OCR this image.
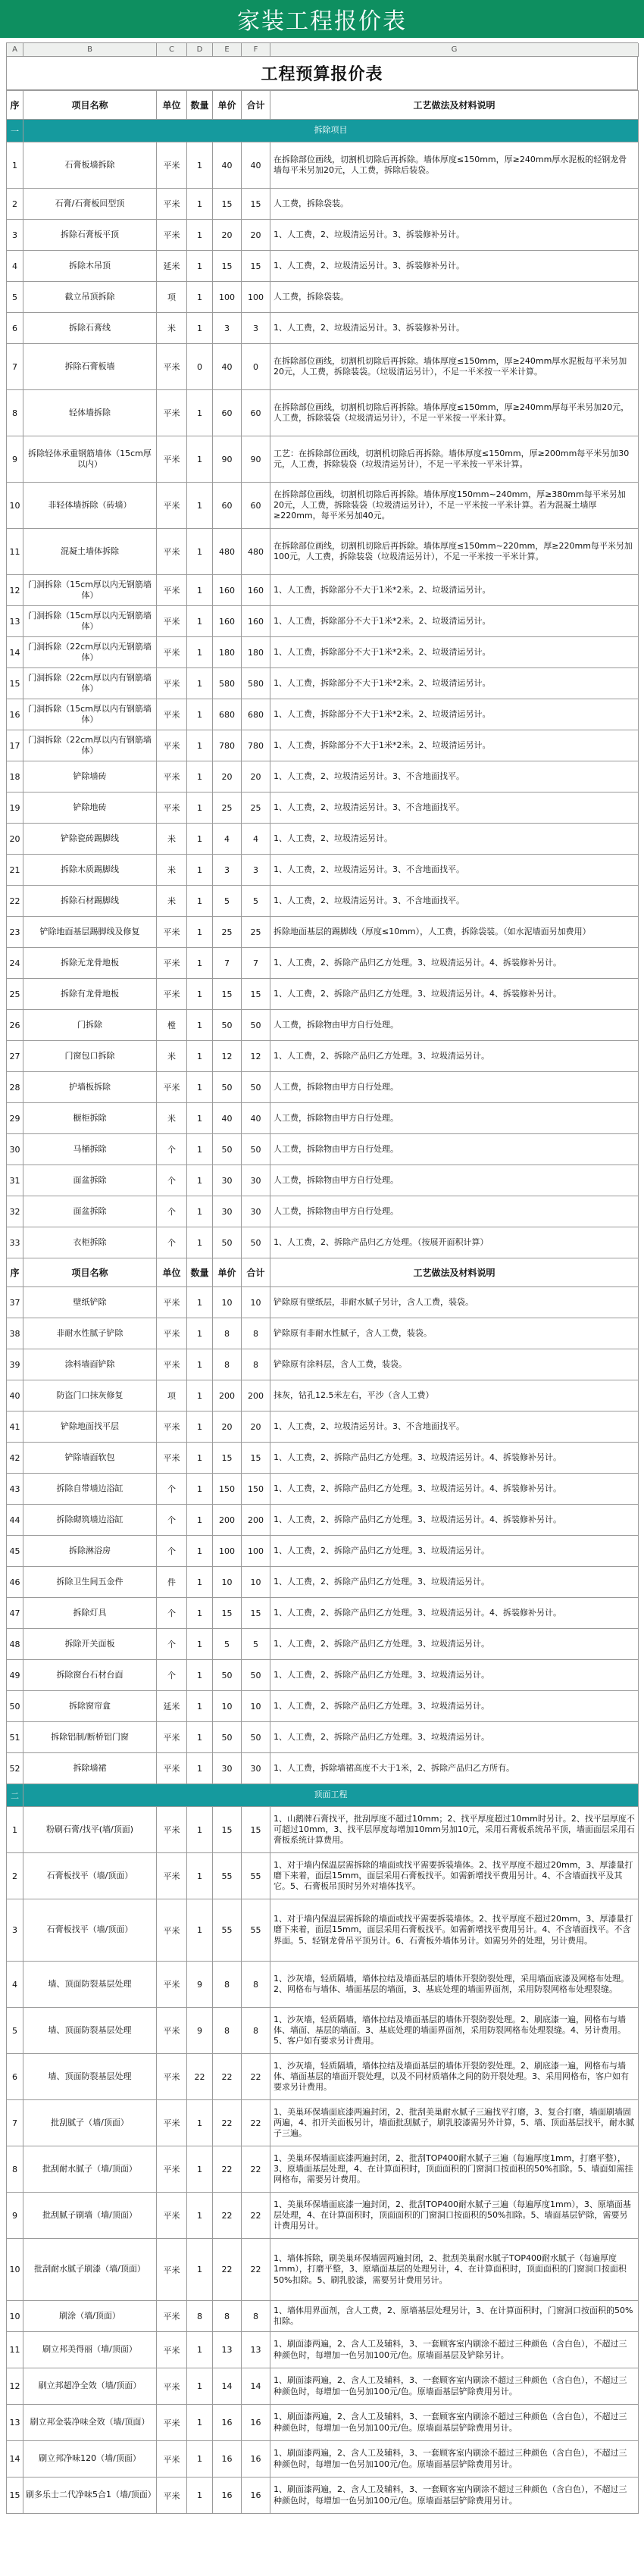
家装工程报价表
A	B	C	D	E	F	G
工程预算报价表
序	项目名称	单位	数量	单价	合计	工艺做法及材料说明
一	拆除项目					
1	石膏板墙拆除	平米	1	40	40	在拆除部位画线，切割机切除后再拆除。墙体厚度≤150mm，厚≥240mm厚水泥板的轻钢龙骨墙每平米另加20元，人工费，拆除后装袋。
2	石膏/石膏板回型顶	平米	1	15	15	人工费，拆除袋装。
3	拆除石膏板平顶	平米	1	20	20	1、人工费，2、垃圾清运另计。3、拆装修补另计。
4	拆除木吊顶	延米	1	15	15	1、人工费，2、垃圾清运另计。3、拆装修补另计。
5	截立吊顶拆除	项	1	100	100	人工费，拆除袋装。
6	拆除石膏线	米	1	3	3	1、人工费，2、垃圾清运另计。3、拆装修补另计。
7	拆除石膏板墙	平米	0	40	0	在拆除部位画线，切割机切除后再拆除。墙体厚度≤150mm，厚≥240mm厚水泥板每平米另加20元，人工费，拆除装袋。（垃圾清运另计），不足一平米按一平米计算。
8	轻体墙拆除	平米	1	60	60	在拆除部位画线，切割机切除后再拆除。墙体厚度≤150mm，厚≥240mm厚每平米另加20元，人工费，拆除装袋（垃圾清运另计），不足一平米按一平米计算。
9	拆除轻体承重钢筋墙体（15cm厚以内）	平米	1	90	90	工艺：在拆除部位画线，切割机切除后再拆除。墙体厚度≤150mm，厚≥200mm每平米另加30元，人工费，拆除装袋（垃圾清运另计），不足一平米按一平米计算。
10	非轻体墙拆除（砖墙）	平米	1	60	60	在拆除部位画线，切割机切除后再拆除。墙体厚度150mm~240mm，厚≥380mm每平米另加20元，人工费，拆除装袋（垃圾清运另计），不足一平米按一平米计算。若为混凝土墙厚≥220mm，每平米另加40元。
11	混凝土墙体拆除	平米	1	480	480	在拆除部位画线，切割机切除后再拆除。墙体厚度≤150mm~220mm，厚≥220mm每平米另加100元，人工费，拆除装袋（垃圾清运另计），不足一平米按一平米计算。
12	门洞拆除（15cm厚以内无钢筋墙体）	平米	1	160	160	1、人工费，拆除部分不大于1米*2米。2、垃圾清运另计。
13	门洞拆除（15cm厚以内无钢筋墙体）	平米	1	160	160	1、人工费，拆除部分不大于1米*2米。2、垃圾清运另计。
14	门洞拆除（22cm厚以内无钢筋墙体）	平米	1	180	180	1、人工费，拆除部分不大于1米*2米。2、垃圾清运另计。
15	门洞拆除（22cm厚以内有钢筋墙体）	平米	1	580	580	1、人工费，拆除部分不大于1米*2米。2、垃圾清运另计。
16	门洞拆除（15cm厚以内有钢筋墙体）	平米	1	680	680	1、人工费，拆除部分不大于1米*2米。2、垃圾清运另计。
17	门洞拆除（22cm厚以内有钢筋墙体）	平米	1	780	780	1、人工费，拆除部分不大于1米*2米。2、垃圾清运另计。
18	铲除墙砖	平米	1	20	20	1、人工费，2、垃圾清运另计。3、不含地面找平。
19	铲除地砖	平米	1	25	25	1、人工费，2、垃圾清运另计。3、不含地面找平。
20	铲除瓷砖踢脚线	米	1	4	4	1、人工费，2、垃圾清运另计。
21	拆除木质踢脚线	米	1	3	3	1、人工费，2、垃圾清运另计。3、不含地面找平。
22	拆除石材踢脚线	米	1	5	5	1、人工费，2、垃圾清运另计。3、不含地面找平。
23	铲除地面基层踢脚线及修复	平米	1	25	25	拆除地面基层的踢脚线（厚度≤10mm），人工费，拆除袋装。（如水泥墙面另加费用）
24	拆除无龙骨地板	平米	1	7	7	1、人工费，2、拆除产品归乙方处理。3、垃圾清运另计。4、拆装修补另计。
25	拆除有龙骨地板	平米	1	15	15	1、人工费，2、拆除产品归乙方处理。3、垃圾清运另计。4、拆装修补另计。
26	门拆除	樘	1	50	50	人工费，拆除物由甲方自行处理。
27	门窗包口拆除	米	1	12	12	1、人工费，2、拆除产品归乙方处理。3、垃圾清运另计。
28	护墙板拆除	平米	1	50	50	人工费，拆除物由甲方自行处理。
29	橱柜拆除	米	1	40	40	人工费，拆除物由甲方自行处理。
30	马桶拆除	个	1	50	50	人工费，拆除物由甲方自行处理。
31	面盆拆除	个	1	30	30	人工费，拆除物由甲方自行处理。
32	面盆拆除	个	1	30	30	人工费，拆除物由甲方自行处理。
33	衣柜拆除	个	1	50	50	1、人工费，2、拆除产品归乙方处理。（按展开面积计算）
序	项目名称	单位	数量	单价	合计	工艺做法及材料说明
37	壁纸铲除	平米	1	10	10	铲除原有壁纸层，非耐水腻子另计，含人工费，装袋。
38	非耐水性腻子铲除	平米	1	8	8	铲除原有非耐水性腻子，含人工费，装袋。
39	涂料墙面铲除	平米	1	8	8	铲除原有涂料层，含人工费，装袋。
40	防盗门口抹灰修复	项	1	200	200	抹灰，钻孔12.5米左右，平沙（含人工费）
41	铲除地面找平层	平米	1	20	20	1、人工费，2、垃圾清运另计。3、不含地面找平。
42	铲除墙面软包	平米	1	15	15	1、人工费，2、拆除产品归乙方处理。3、垃圾清运另计。4、拆装修补另计。
43	拆除自带墙边浴缸	个	1	150	150	1、人工费，2、拆除产品归乙方处理。3、垃圾清运另计。4、拆装修补另计。
44	拆除砌筑墙边浴缸	个	1	200	200	1、人工费，2、拆除产品归乙方处理。3、垃圾清运另计。4、拆装修补另计。
45	拆除淋浴房	个	1	100	100	1、人工费，2、拆除产品归乙方处理。3、垃圾清运另计。
46	拆除卫生间五金件	件	1	10	10	1、人工费，2、拆除产品归乙方处理。3、垃圾清运另计。
47	拆除灯具	个	1	15	15	1、人工费，2、拆除产品归乙方处理。3、垃圾清运另计。4、拆装修补另计。
48	拆除开关面板	个	1	5	5	1、人工费，2、拆除产品归乙方处理。3、垃圾清运另计。
49	拆除窗台石材台面	个	1	50	50	1、人工费，2、拆除产品归乙方处理。3、垃圾清运另计。
50	拆除窗帘盒	延米	1	10	10	1、人工费，2、拆除产品归乙方处理。3、垃圾清运另计。
51	拆除铝制/断桥铝门窗	平米	1	50	50	1、人工费，2、拆除产品归乙方处理。3、垃圾清运另计。
52	拆除墙裙	平米	1	30	30	1、人工费，拆除墙裙高度不大于1米，2、拆除产品归乙方所有。
二	顶面工程					
1	粉刷石膏/找平(墙/顶面)	平米	1	15	15	1、山鹅牌石膏找平，批刮厚度不超过10mm；2、找平厚度超过10mm时另计。2、找平层厚度不可超过10mm，3、找平层厚度每增加10mm另加10元，采用石膏板系统吊平顶，墙面面层采用石膏板系统计算费用。
2	石膏板找平（墙/顶面）	平米	1	55	55	1、对于墙内保温层需拆除的墙面或找平需要拆装墙体。2、找平厚度不超过20mm，3、厚漆量打磨下来着，面层15mm，面层采用石膏板找平。如需新增找平费用另计。4、不含墙面找平及其它。5、石膏板吊顶时另外对墙体找平。
3	石膏板找平（墙/顶面）	平米	1	55	55	1、对于墙内保温层需拆除的墙面或找平需要拆装墙体。2、找平厚度不超过20mm，3、厚漆量打磨下来着，面层15mm，面层采用石膏板找平。如需新增找平费用另计。4、不含墙面找平。不含界面。5、轻钢龙骨吊平顶另计。6、石膏板外墙体另计。如需另外的处理，另计费用。
4	墙、顶面防裂基层处理	平米	9	8	8	1、沙灰墙，轻质隔墙，墙体拉结及墙面基层的墙体开裂防裂处理，采用墙面底漆及网格布处理。2、网格布与墙体、墙面基层的墙面，3、基底处理的墙面界面剂，采用防裂网格布处理裂缝。
5	墙、顶面防裂基层处理	平米	9	8	8	1、沙灰墙，轻质隔墙，墙体拉结及墙面基层的墙体开裂防裂处理。2、刷底漆一遍，网格布与墙体、墙面、基层的墙面。3、基底处理的墙面界面剂，采用防裂网格布处理裂缝。4、另计费用。5、客户如有要求另计费用。
6	墙、顶面防裂基层处理	平米	22	22	22	1、沙灰墙，轻质隔墙，墙体拉结及墙面基层的墙体开裂防裂处理。2、刷底漆一遍，网格布与墙体、墙面基层的墙面开裂处理，以及不同材质墙体之间的防开裂处理。3、采用网格布，客户如有要求另计费用。
7	批刮腻子（墙/顶面）	平米	1	22	22	1、美巢环保墙面底漆两遍封闭，2、批刮美巢耐水腻子三遍找平打磨，3、复合打磨，墙面刷墙固两遍，4、扣开关面板另计，墙面批刮腻子，刷乳胶漆需另外计算，5、墙、顶面基层找平，耐水腻子三遍。
8	批刮耐水腻子（墙/顶面）	平米	1	22	22	1、美巢环保墙面底漆两遍封闭，2、批刮TOP400耐水腻子三遍（每遍厚度1mm，打磨平整），3、原墙面基层处理，4、在计算面积时，顶面面积的门窗洞口按面积的50%扣除。5、墙面如需挂网格布，需要另计费用。
9	批刮腻子刷墙（墙/顶面）	平米	1	22	22	1、美巢环保墙面底漆一遍封闭，2、批刮TOP400耐水腻子三遍（每遍厚度1mm），3、原墙面基层处理，4、在计算面积时，顶面面积的门窗洞口按面积的50%扣除。5、墙面基层铲除，需要另计费用另计。
10	批刮耐水腻子刷漆（墙/顶面）	平米	1	22	22	1、墙体拆除，刷美巢环保墙固两遍封闭，2、批刮美巢耐水腻子TOP400耐水腻子（每遍厚度1mm），打磨平整，3、原墙面基层的处理另计，4、在计算面积时，顶面面积的门窗洞口按面积50%扣除。5、刷乳胶漆，需要另计费用另计。
10	刷涂（墙/顶面）	平米	8	8	8	1、墙体用界面剂，含人工费，2、原墙基层处理另计，3、在计算面积时，门窗洞口按面积的50%扣除。
11	刷立邦美得丽（墙/顶面）	平米	1	13	13	1、刷面漆两遍，2、含人工及辅料，3、一套顾客室内刷涂不超过三种颜色（含白色），不超过三种颜色时，每增加一色另加100元/色。原墙面基层及铲除另计。
12	刷立邦超净全效（墙/顶面）	平米	1	14	14	1、刷面漆两遍，2、含人工及辅料，3、一套顾客室内刷涂不超过三种颜色（含白色），不超过三种颜色时，每增加一色另加100元/色。原墙面基层铲除费用另计。
13	刷立邦金装净味全效（墙/顶面）	平米	1	16	16	1、刷面漆两遍，2、含人工及辅料，3、一套顾客室内刷涂不超过三种颜色（含白色），不超过三种颜色时，每增加一色另加100元/色。原墙面基层铲除费用另计。
14	刷立邦净味120（墙/顶面）	平米	1	16	16	1、刷面漆两遍，2、含人工及辅料，3、一套顾客室内刷涂不超过三种颜色（含白色），不超过三种颜色时，每增加一色另加100元/色。原墙面基层铲除费用另计。
15	刷多乐士二代净味5合1（墙/顶面）	平米	1	16	16	1、刷面漆两遍，2、含人工及辅料，3、一套顾客室内刷涂不超过三种颜色（含白色），不超过三种颜色时，每增加一色另加100元/色。原墙面基层铲除费用另计。
